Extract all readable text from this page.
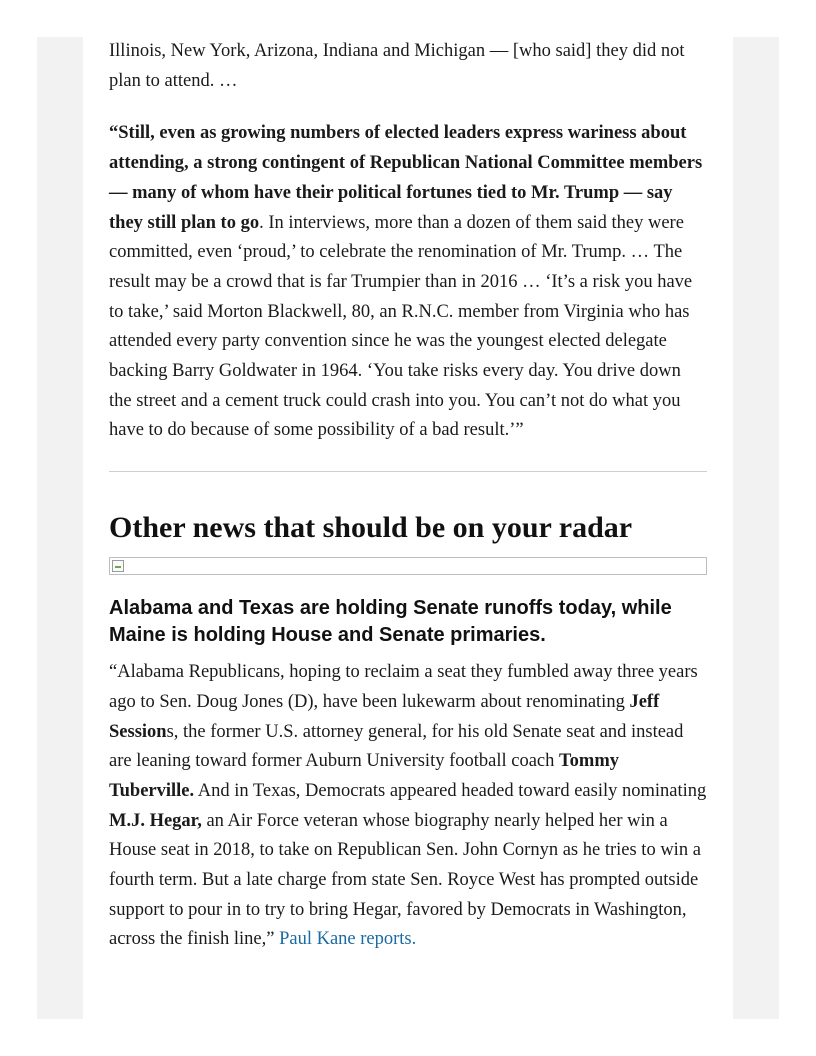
Illinois, New York, Arizona, Indiana and Michigan — [who said] they did not plan to attend. …

“Still, even as growing numbers of elected leaders express wariness about attending, a strong contingent of Republican National Committee members — many of whom have their political fortunes tied to Mr. Trump — say they still plan to go. In interviews, more than a dozen of them said they were committed, even ‘proud,’ to celebrate the renomination of Mr. Trump. … The result may be a crowd that is far Trumpier than in 2016 … ‘It’s a risk you have to take,’ said Morton Blackwell, 80, an R.N.C. member from Virginia who has attended every party convention since he was the youngest elected delegate backing Barry Goldwater in 1964. ‘You take risks every day. You drive down the street and a cement truck could crash into you. You can’t not do what you have to do because of some possibility of a bad result.’”

Other news that should be on your radar
Alabama and Texas are holding Senate runoffs today, while Maine is holding House and Senate primaries.

“Alabama Republicans, hoping to reclaim a seat they fumbled away three years ago to Sen. Doug Jones (D), have been lukewarm about renominating Jeff Sessions, the former U.S. attorney general, for his old Senate seat and instead are leaning toward former Auburn University football coach Tommy Tuberville. And in Texas, Democrats appeared headed toward easily nominating M.J. Hegar, an Air Force veteran whose biography nearly helped her win a House seat in 2018, to take on Republican Sen. John Cornyn as he tries to win a fourth term. But a late charge from state Sen. Royce West has prompted outside support to pour in to try to bring Hegar, favored by Democrats in Washington, across the finish line,” Paul Kane reports.
